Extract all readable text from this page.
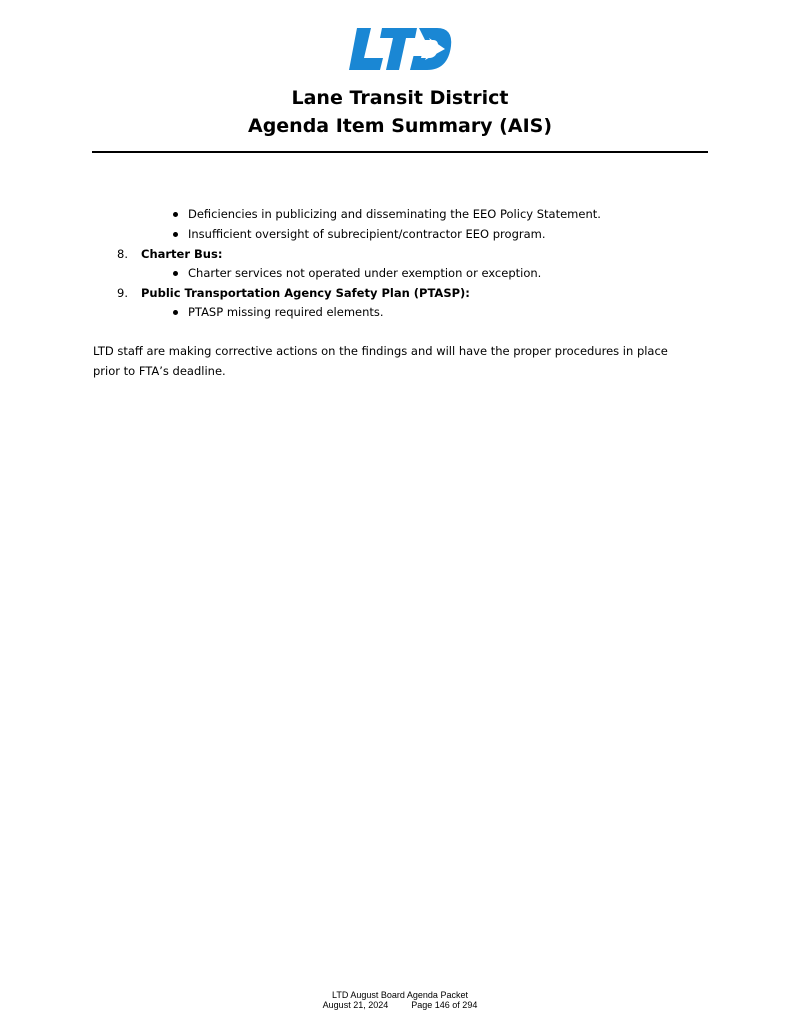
Lane Transit District
Agenda Item Summary (AIS)
Deficiencies in publicizing and disseminating the EEO Policy Statement.
Insufficient oversight of subrecipient/contractor EEO program.
8. Charter Bus:
Charter services not operated under exemption or exception.
9. Public Transportation Agency Safety Plan (PTASP):
PTASP missing required elements.
LTD staff are making corrective actions on the findings and will have the proper procedures in place
prior to FTA’s deadline.
LTD August Board Agenda Packet
August 21, 2024	Page 146 of 294
